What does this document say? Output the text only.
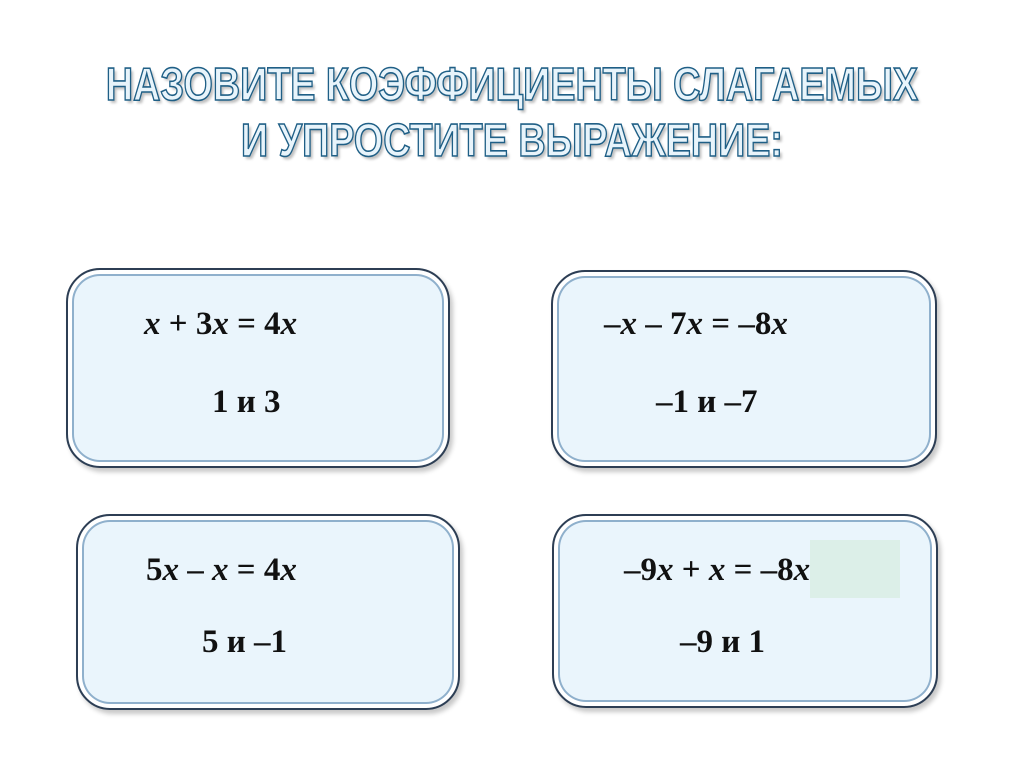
НАЗОВИТЕ КОЭФФИЦИЕНТЫ СЛАГАЕМЫХ
И УПРОСТИТЕ ВЫРАЖЕНИЕ:
x + 3x = 4x
1 и 3
–x – 7x = –8x
–1 и –7
5x – x = 4x
5 и –1
–9x + x = –8x
–9 и 1
